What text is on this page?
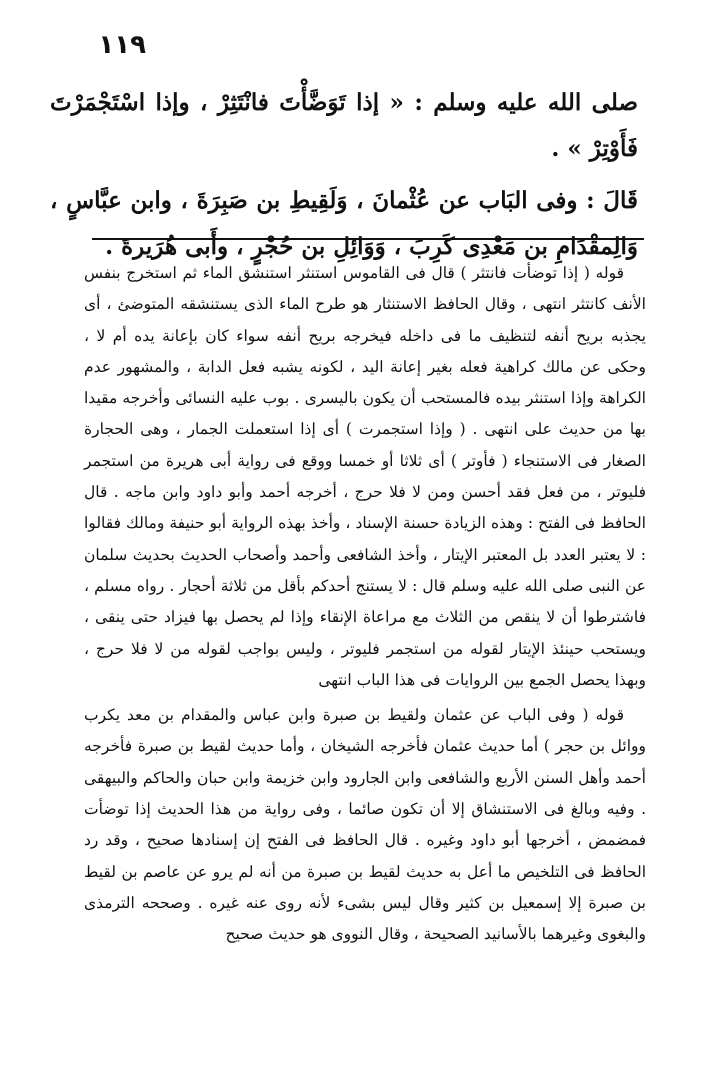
١١٩

صلى الله عليه وسلم : « إذا تَوَضَّأْتَ فانْتَثِرْ ، وإذا اسْتَجْمَرْتَ فَأَوْتِرْ » .

قَالَ : وفى البَاب عن عُثْمانَ ، وَلَقِيطِ بن صَبِرَةَ ، وابن عبَّاسٍ ، وَالِمقْدَامِ بن مَعْدِى كَرِبَ ، وَوَائِلِ بن حُجْرٍ ، وأَبى هُرَيرةَ .

قوله ( إذا توضأت فانتثر ) قال فى القاموس استنثر استنشق الماء ثم استخرج بنفس الأنف كانتثر انتهى ، وقال الحافظ الاستنثار هو طرح الماء الذى يستنشقه المتوضئ ، أى يجذبه بريح أنفه لتنظيف ما فى داخله فيخرجه بريح أنفه سواء كان بإعانة يده أم لا ، وحكى عن مالك كراهية فعله بغير إعانة اليد ، لكونه يشبه فعل الدابة ، والمشهور عدم الكراهة وإذا استنثر بيده فالمستحب أن يكون باليسرى . بوب عليه النسائى وأخرجه مقيدا بها من حديث على انتهى . ( وإذا استجمرت ) أى إذا استعملت الجمار ، وهى الحجارة الصغار فى الاستنجاء ( فأوتر ) أى ثلاثا أو خمسا ووقع فى رواية أبى هريرة من استجمر فليوتر ، من فعل فقد أحسن ومن لا فلا حرج ، أخرجه أحمد وأبو داود وابن ماجه . قال الحافظ فى الفتح : وهذه الزيادة حسنة الإسناد ، وأخذ بهذه الرواية أبو حنيفة ومالك فقالوا : لا يعتبر العدد بل المعتبر الإيتار ، وأخذ الشافعى وأحمد وأصحاب الحديث بحديث سلمان عن النبى صلى الله عليه وسلم قال : لا يستنج أحدكم بأقل من ثلاثة أحجار . رواه مسلم ، فاشترطوا أن لا ينقص من الثلاث مع مراعاة الإنقاء وإذا لم يحصل بها فيزاد حتى ينقى ، ويستحب حينئذ الإيتار لقوله من استجمر فليوتر ، وليس بواجب لقوله من لا فلا حرج ، وبهذا يحصل الجمع بين الروايات فى هذا الباب انتهى

قوله ( وفى الباب عن عثمان ولقيط بن صبرة وابن عباس والمقدام بن معد يكرب ووائل بن حجر ) أما حديث عثمان فأخرجه الشيخان ، وأما حديث لقيط بن صبرة فأخرجه أحمد وأهل السنن الأربع والشافعى وابن الجارود وابن خزيمة وابن حبان والحاكم والبيهقى . وفيه وبالغ فى الاستنشاق إلا أن تكون صائما ، وفى رواية من هذا الحديث إذا توضأت فمضمض ، أخرجها أبو داود وغيره . قال الحافظ فى الفتح إن إسنادها صحيح ، وقد رد الحافظ فى التلخيص ما أعل به حديث لقيط بن صبرة من أنه لم يرو عن عاصم بن لقيط بن صبرة إلا إسمعيل بن كثير وقال ليس بشىء لأنه روى عنه غيره . وصححه الترمذى والبغوى وغيرهما بالأسانيد الصحيحة ، وقال النووى هو حديث صحيح
